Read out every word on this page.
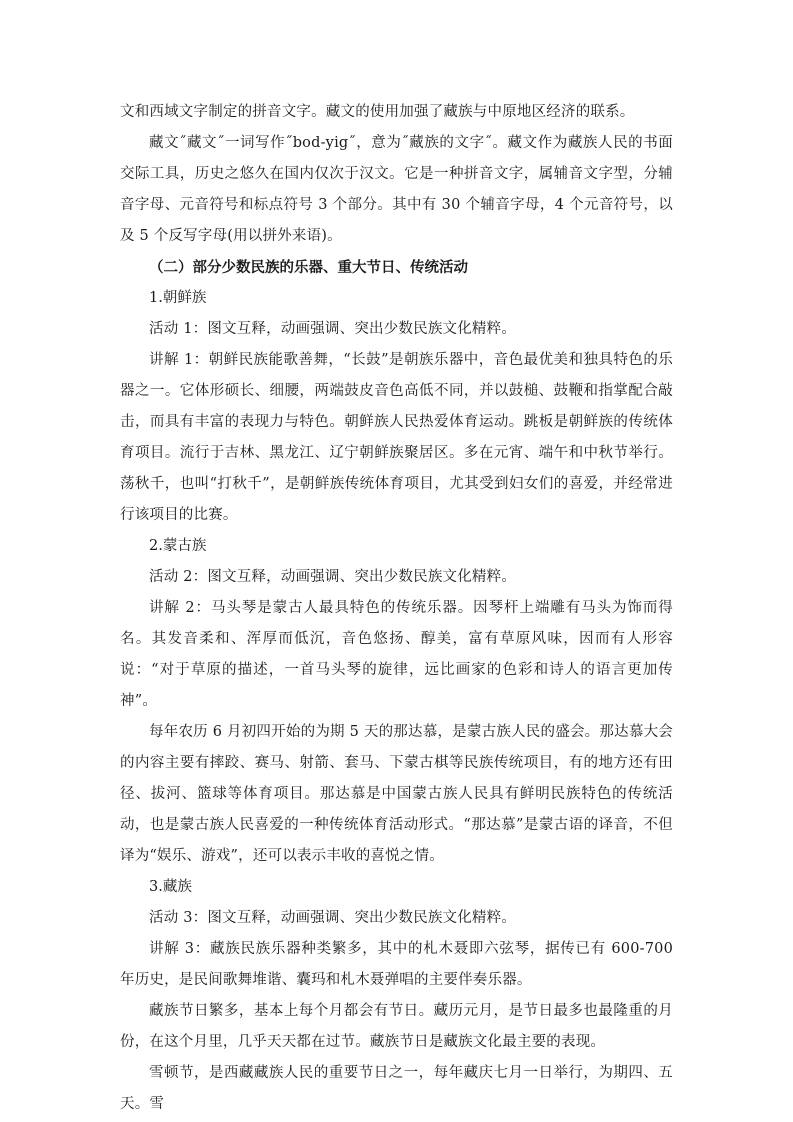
文和西域文字制定的拼音文字。藏文的使用加强了藏族与中原地区经济的联系。

藏文˝藏文˝一词写作˝bod-yig˝，意为˝藏族的文字˝。藏文作为藏族人民的书面交际工具，历史之悠久在国内仅次于汉文。它是一种拼音文字，属辅音文字型，分辅音字母、元音符号和标点符号 3 个部分。其中有 30 个辅音字母，4 个元音符号，以及 5 个反写字母(用以拼外来语)。

（二）部分少数民族的乐器、重大节日、传统活动

1.朝鲜族

活动 1：图文互释，动画强调、突出少数民族文化精粹。

讲解 1：朝鲜民族能歌善舞，“长鼓”是朝族乐器中，音色最优美和独具特色的乐器之一。它体形硕长、细腰，两端鼓皮音色高低不同，并以鼓槌、鼓鞭和指掌配合敲击，而具有丰富的表现力与特色。朝鲜族人民热爱体育运动。跳板是朝鲜族的传统体育项目。流行于吉林、黑龙江、辽宁朝鲜族聚居区。多在元宵、端午和中秋节举行。荡秋千，也叫“打秋千”，是朝鲜族传统体育项目，尤其受到妇女们的喜爱，并经常进行该项目的比赛。

2.蒙古族

活动 2：图文互释，动画强调、突出少数民族文化精粹。

讲解 2：马头琴是蒙古人最具特色的传统乐器。因琴杆上端雕有马头为饰而得名。其发音柔和、浑厚而低沉，音色悠扬、醇美，富有草原风味，因而有人形容说：“对于草原的描述，一首马头琴的旋律，远比画家的色彩和诗人的语言更加传神”。

每年农历 6 月初四开始的为期 5 天的那达慕，是蒙古族人民的盛会。那达慕大会的内容主要有摔跤、赛马、射箭、套马、下蒙古棋等民族传统项目，有的地方还有田径、拔河、篮球等体育项目。那达慕是中国蒙古族人民具有鲜明民族特色的传统活动，也是蒙古族人民喜爱的一种传统体育活动形式。“那达慕”是蒙古语的译音，不但译为“娱乐、游戏”，还可以表示丰收的喜悦之情。

3.藏族

活动 3：图文互释，动画强调、突出少数民族文化精粹。

讲解 3：藏族民族乐器种类繁多，其中的札木聂即六弦琴，据传已有 600-700 年历史，是民间歌舞堆谐、囊玛和札木聂弹唱的主要伴奏乐器。

藏族节日繁多，基本上每个月都会有节日。藏历元月，是节日最多也最隆重的月份，在这个月里，几乎天天都在过节。藏族节日是藏族文化最主要的表现。

雪顿节，是西藏藏族人民的重要节日之一，每年藏庆七月一日举行，为期四、五天。雪
